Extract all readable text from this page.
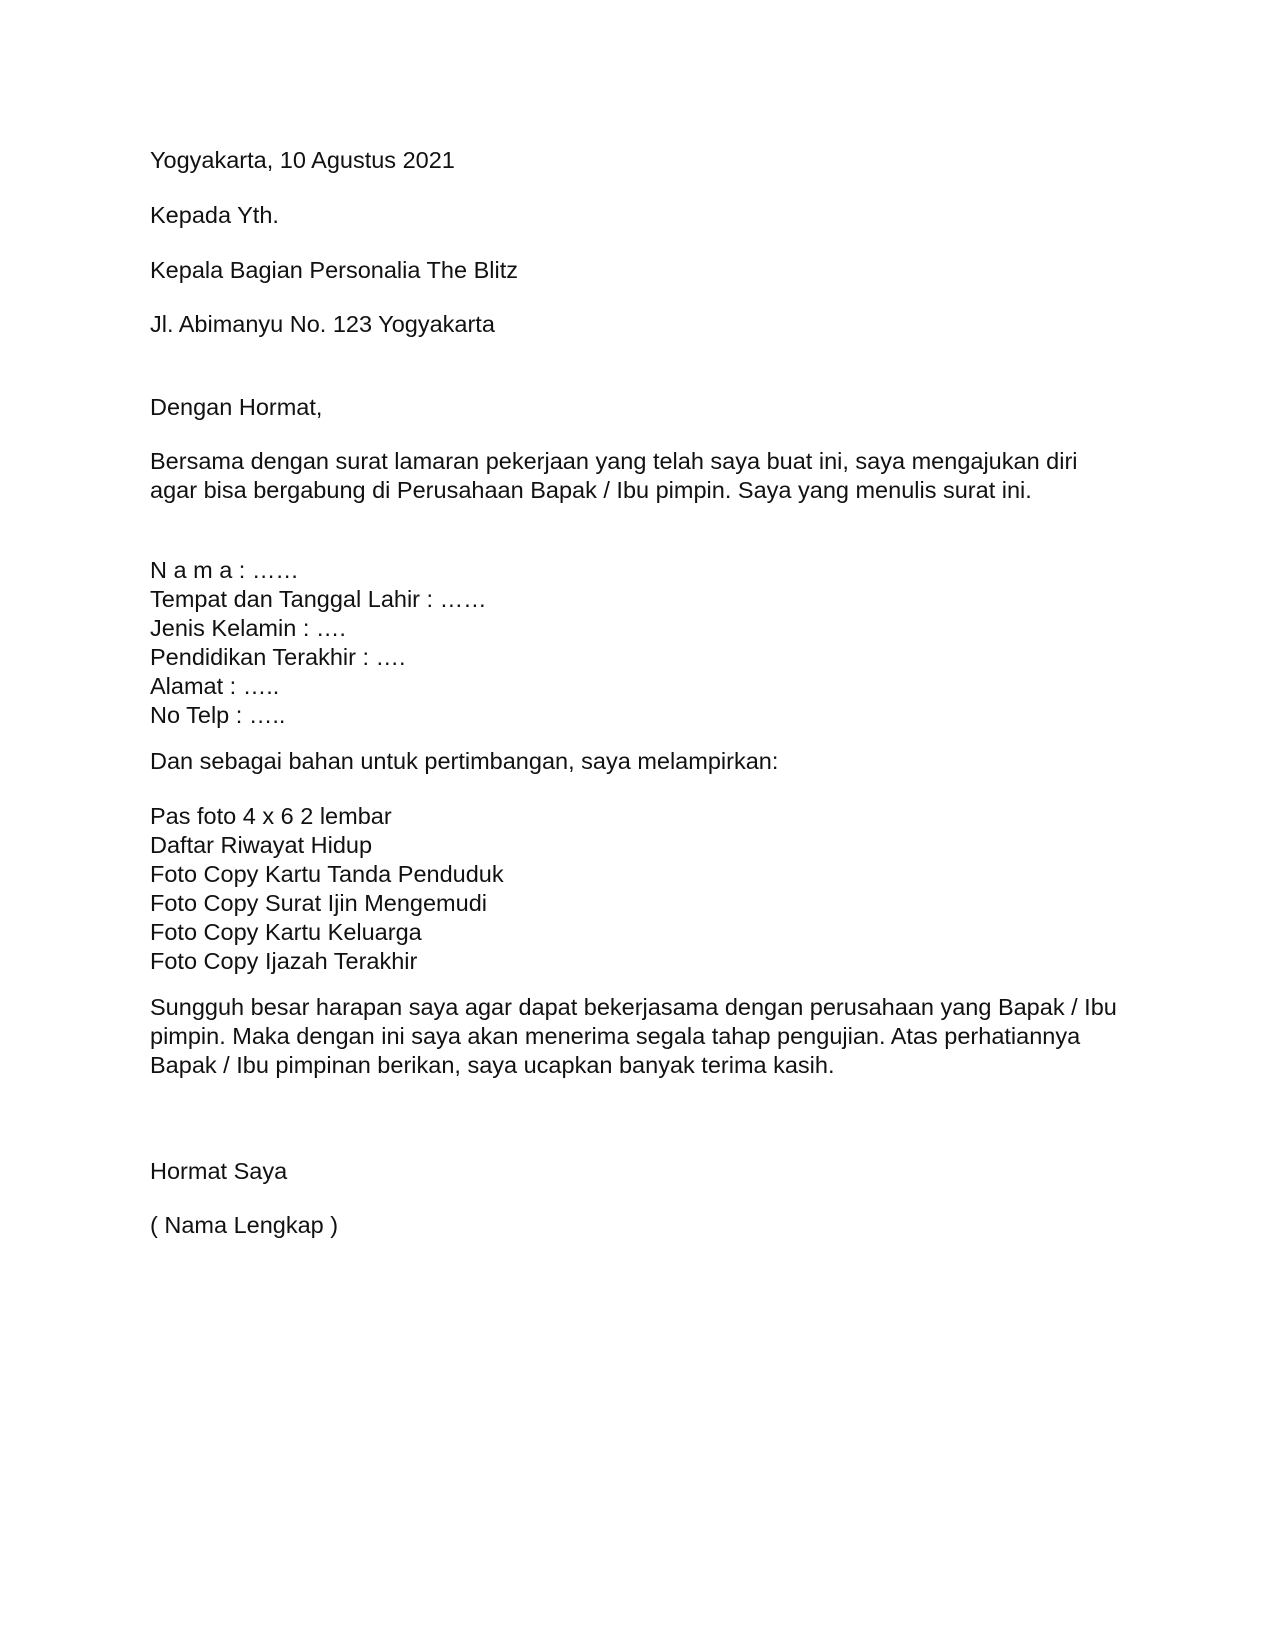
Yogyakarta, 10 Agustus 2021

Kepada Yth.

Kepala Bagian Personalia The Blitz

Jl. Abimanyu No. 123 Yogyakarta

Dengan Hormat,

Bersama dengan surat lamaran pekerjaan yang telah saya buat ini, saya mengajukan diri agar bisa bergabung di Perusahaan Bapak / Ibu pimpin. Saya yang menulis surat ini.

N a m a : ……
Tempat dan Tanggal Lahir : ……
Jenis Kelamin : ….
Pendidikan Terakhir : ….
Alamat : …..
No Telp : …..

Dan sebagai bahan untuk pertimbangan, saya melampirkan:

Pas foto 4 x 6 2 lembar
Daftar Riwayat Hidup
Foto Copy Kartu Tanda Penduduk
Foto Copy Surat Ijin Mengemudi
Foto Copy Kartu Keluarga
Foto Copy Ijazah Terakhir

Sungguh besar harapan saya agar dapat bekerjasama dengan perusahaan yang Bapak / Ibu pimpin. Maka dengan ini saya akan menerima segala tahap pengujian. Atas perhatiannya Bapak / Ibu pimpinan berikan, saya ucapkan banyak terima kasih.

Hormat Saya

( Nama Lengkap )
